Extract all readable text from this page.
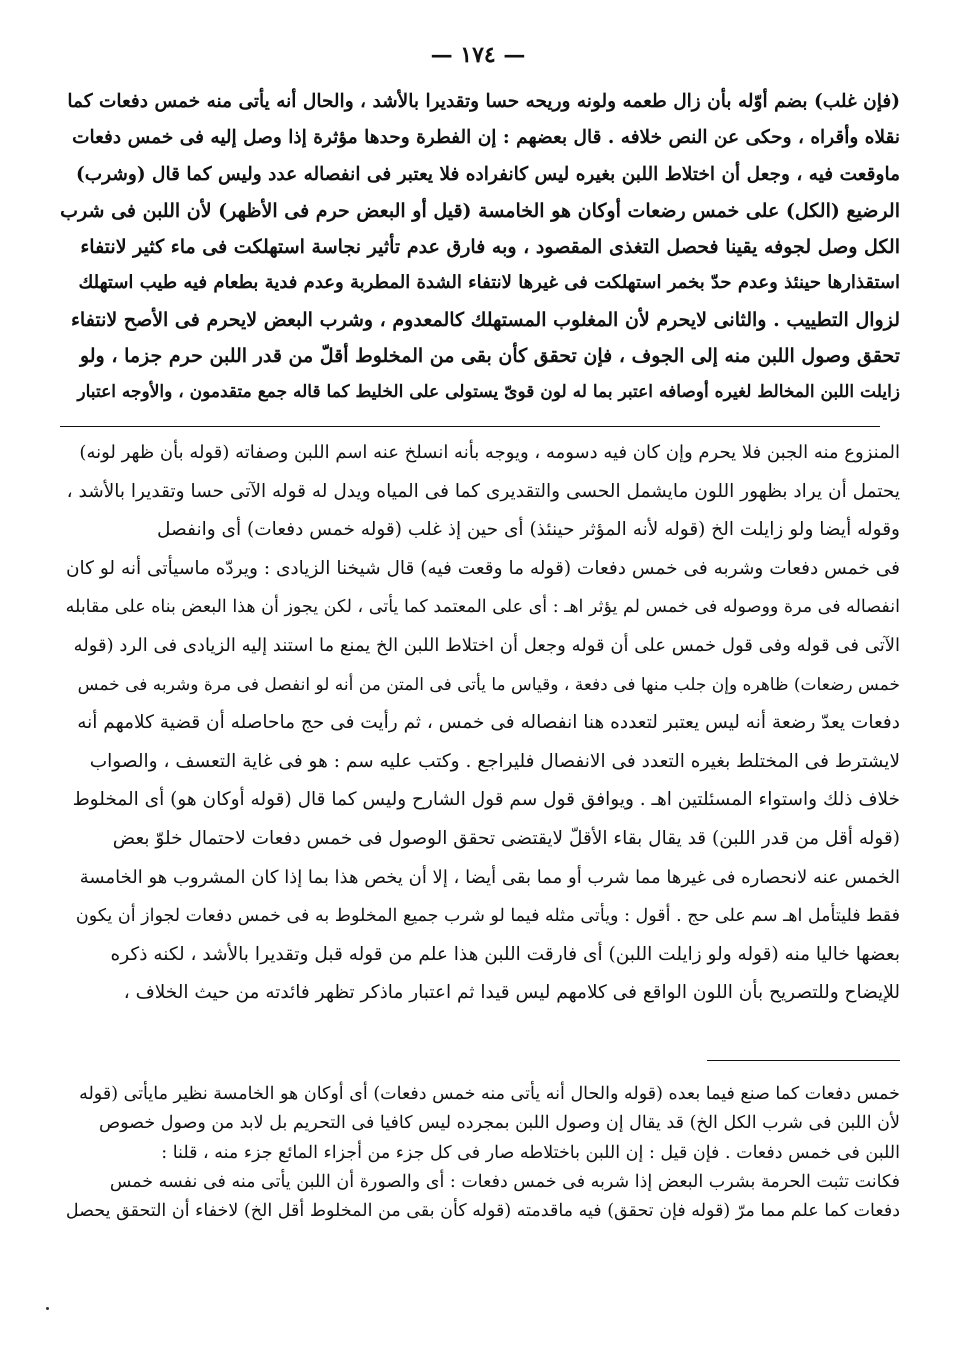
— ١٧٤ —
(فإن غلب) بضم أوّله بأن زال طعمه ولونه وريحه حسا وتقديرا بالأشد ، والحال أنه يأتى منه خمس دفعات كما
نقلاه وأقراه ، وحكى عن النص خلافه . قال بعضهم : إن الفطرة وحدها مؤثرة إذا وصل إليه فى خمس دفعات
ماوقعت فيه ، وجعل أن اختلاط اللبن بغيره ليس كانفراده فلا يعتبر فى انفصاله عدد وليس كما قال (وشرب)
الرضيع (الكل) على خمس رضعات أوكان هو الخامسة (قيل أو البعض حرم فى الأظهر) لأن اللبن فى شرب
الكل وصل لجوفه يقينا فحصل التغذى المقصود ، وبه فارق عدم تأثير نجاسة استهلكت فى ماء كثير لانتفاء
استقذارها حينئذ وعدم حدّ بخمر استهلكت فى غيرها لانتفاء الشدة المطربة وعدم فدية بطعام فيه طيب استهلك
لزوال التطييب . والثانى لايحرم لأن المغلوب المستهلك كالمعدوم ، وشرب البعض لايحرم فى الأصح لانتفاء
تحقق وصول اللبن منه إلى الجوف ، فإن تحقق كأن بقى من المخلوط أقلّ من قدر اللبن حرم جزما ، ولو
زايلت اللبن المخالط لغيره أوصافه اعتبر بما له لون قوىّ يستولى على الخليط كما قاله جمع متقدمون ، والأوجه اعتبار
المنزوع منه الجبن فلا يحرم وإن كان فيه دسومه ، ويوجه بأنه انسلخ عنه اسم اللبن وصفاته (قوله بأن ظهر لونه)
يحتمل أن يراد بظهور اللون مايشمل الحسى والتقديرى كما فى المياه ويدل له قوله الآتى حسا وتقديرا بالأشد ،
وقوله أيضا ولو زايلت الخ (قوله لأنه المؤثر حينئذ) أى حين إذ غلب (قوله خمس دفعات) أى وانفصل
فى خمس دفعات وشربه فى خمس دفعات (قوله ما وقعت فيه) قال شيخنا الزيادى : ويردّه ماسيأتى أنه لو كان
انفصاله فى مرة ووصوله فى خمس لم يؤثر اهـ : أى على المعتمد كما يأتى ، لكن يجوز أن هذا البعض بناه على مقابله
الآتى فى قوله وفى قول خمس على أن قوله وجعل أن اختلاط اللبن الخ يمنع ما استند إليه الزيادى فى الرد (قوله
خمس رضعات) ظاهره وإن جلب منها فى دفعة ، وقياس ما يأتى فى المتن من أنه لو انفصل فى مرة وشربه فى خمس
دفعات يعدّ رضعة أنه ليس يعتبر لتعدده هنا انفصاله فى خمس ، ثم رأيت فى حج ماحاصله أن قضية كلامهم أنه
لايشترط فى المختلط بغيره التعدد فى الانفصال فليراجع . وكتب عليه سم : هو فى غاية التعسف ، والصواب
خلاف ذلك واستواء المسئلتين اهـ . ويوافق قول سم قول الشارح وليس كما قال (قوله أوكان هو) أى المخلوط
(قوله أقل من قدر اللبن) قد يقال بقاء الأقلّ لايقتضى تحقق الوصول فى خمس دفعات لاحتمال خلوّ بعض
الخمس عنه لانحصاره فى غيرها مما شرب أو مما بقى أيضا ، إلا أن يخص هذا بما إذا كان المشروب هو الخامسة
فقط فليتأمل اهـ سم على حج . أقول : ويأتى مثله فيما لو شرب جميع المخلوط به فى خمس دفعات لجواز أن يكون
بعضها خاليا منه (قوله ولو زايلت اللبن) أى فارقت اللبن هذا علم من قوله قبل وتقديرا بالأشد ، لكنه ذكره
للإيضاح وللتصريح بأن اللون الواقع فى كلامهم ليس قيدا ثم اعتبار ماذكر تظهر فائدته من حيث الخلاف ،
خمس دفعات كما صنع فيما بعده (قوله والحال أنه يأتى منه خمس دفعات) أى أوكان هو الخامسة نظير مايأتى (قوله
لأن اللبن فى شرب الكل الخ) قد يقال إن وصول اللبن بمجرده ليس كافيا فى التحريم بل لابد من وصول خصوص
اللبن فى خمس دفعات . فإن قيل : إن اللبن باختلاطه صار فى كل جزء من أجزاء المائع جزء منه ، قلنا :
فكانت تثبت الحرمة بشرب البعض إذا شربه فى خمس دفعات : أى والصورة أن اللبن يأتى منه فى نفسه خمس
دفعات كما علم مما مرّ (قوله فإن تحقق) فيه ماقدمته (قوله كأن بقى من المخلوط أقل الخ) لاخفاء أن التحقق يحصل
